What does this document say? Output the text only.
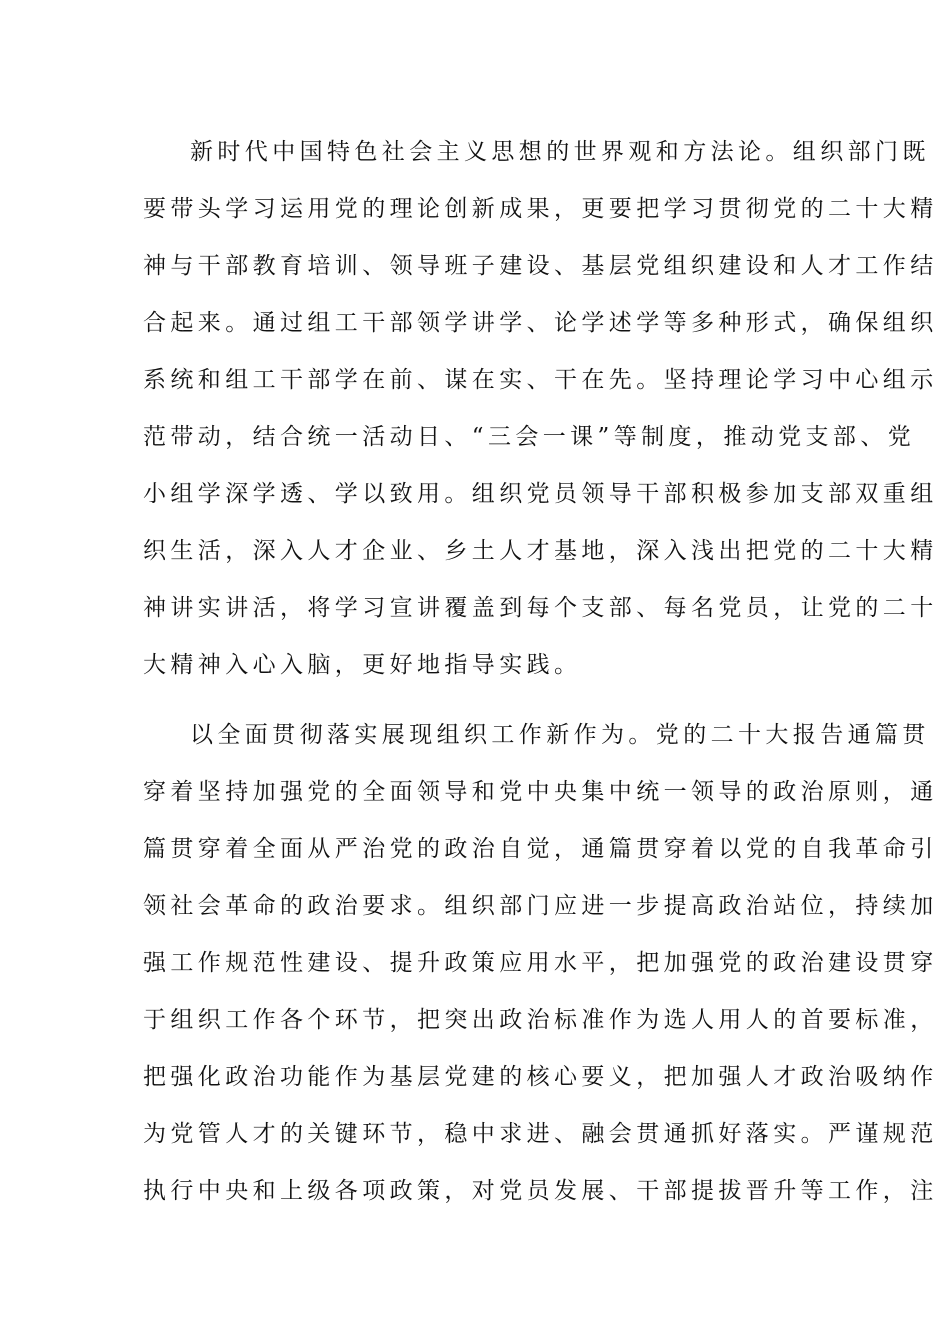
新时代中国特色社会主义思想的世界观和方法论。组织部门既
要带头学习运用党的理论创新成果，更要把学习贯彻党的二十大精
神与干部教育培训、领导班子建设、基层党组织建设和人才工作结
合起来。通过组工干部领学讲学、论学述学等多种形式，确保组织
系统和组工干部学在前、谋在实、干在先。坚持理论学习中心组示
范带动，结合统一活动日、“三会一课”等制度，推动党支部、党
小组学深学透、学以致用。组织党员领导干部积极参加支部双重组
织生活，深入人才企业、乡土人才基地，深入浅出把党的二十大精
神讲实讲活，将学习宣讲覆盖到每个支部、每名党员，让党的二十
大精神入心入脑，更好地指导实践。
以全面贯彻落实展现组织工作新作为。党的二十大报告通篇贯
穿着坚持加强党的全面领导和党中央集中统一领导的政治原则，通
篇贯穿着全面从严治党的政治自觉，通篇贯穿着以党的自我革命引
领社会革命的政治要求。组织部门应进一步提高政治站位，持续加
强工作规范性建设、提升政策应用水平，把加强党的政治建设贯穿
于组织工作各个环节，把突出政治标准作为选人用人的首要标准，
把强化政治功能作为基层党建的核心要义，把加强人才政治吸纳作
为党管人才的关键环节，稳中求进、融会贯通抓好落实。严谨规范
执行中央和上级各项政策，对党员发展、干部提拔晋升等工作，注
